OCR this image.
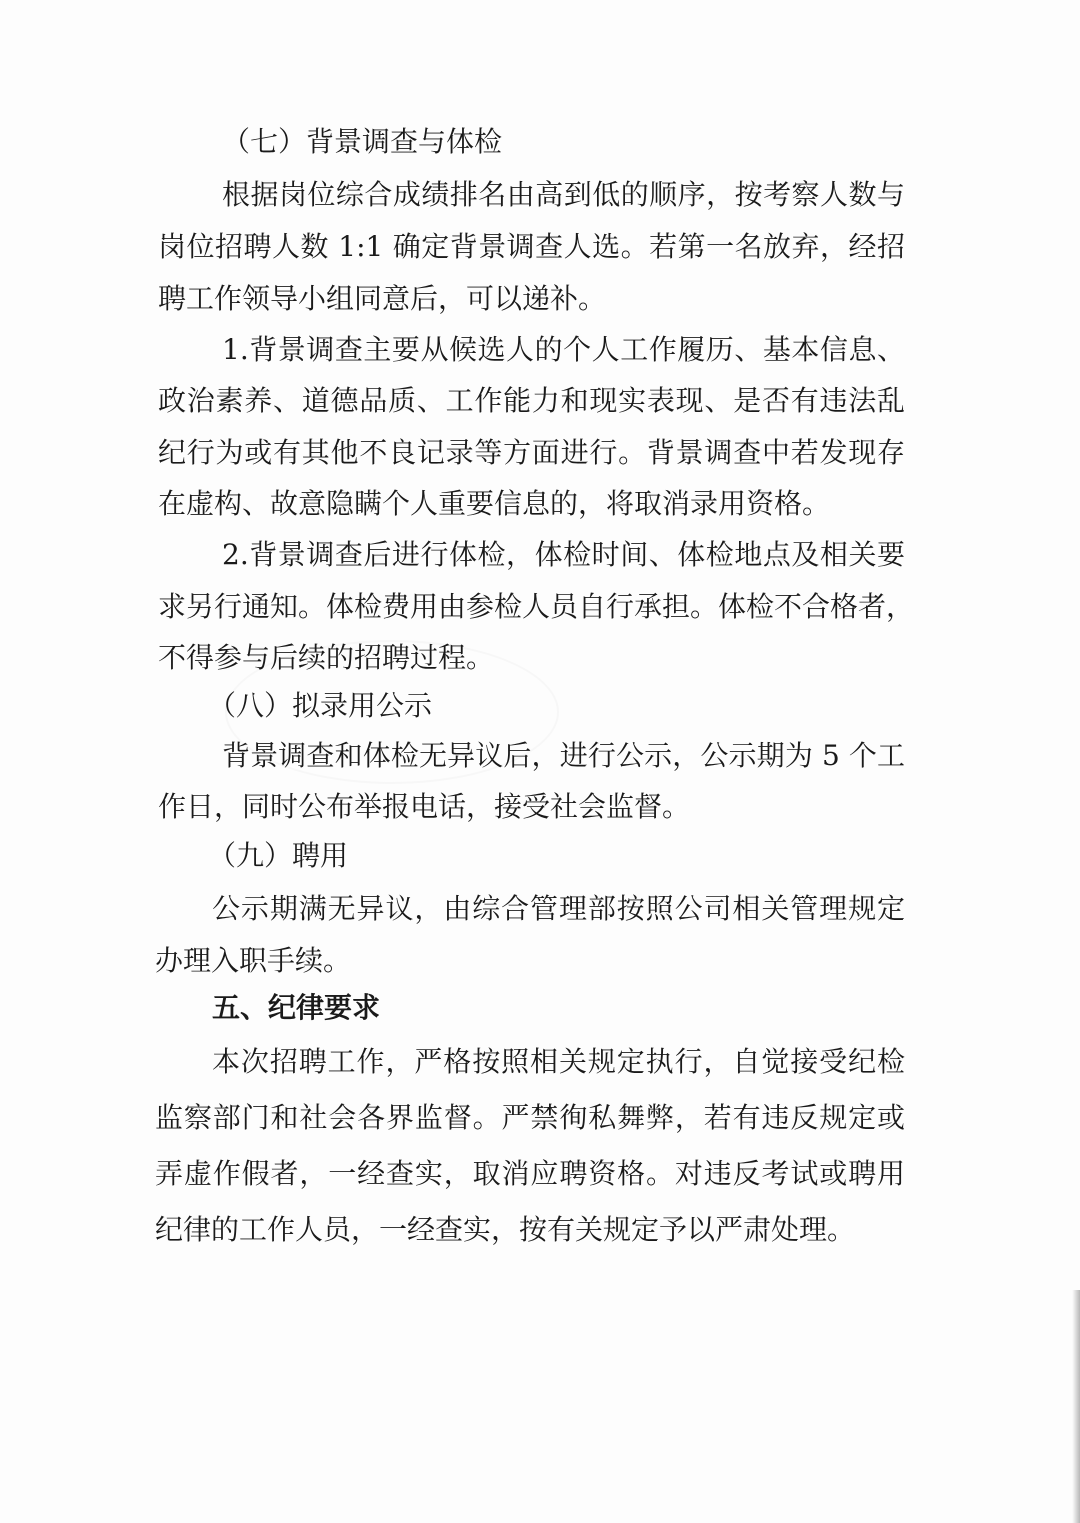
（七）背景调查与体检
根据岗位综合成绩排名由高到低的顺序，按考察人数与
岗位招聘人数 1:1 确定背景调查人选。若第一名放弃，经招
聘工作领导小组同意后，可以递补。
1.背景调查主要从候选人的个人工作履历、基本信息、
政治素养、道德品质、工作能力和现实表现、是否有违法乱
纪行为或有其他不良记录等方面进行。背景调查中若发现存
在虚构、故意隐瞒个人重要信息的，将取消录用资格。
2.背景调查后进行体检，体检时间、体检地点及相关要
求另行通知。体检费用由参检人员自行承担。体检不合格者，
不得参与后续的招聘过程。
（八）拟录用公示
背景调查和体检无异议后，进行公示，公示期为 5 个工
作日，同时公布举报电话，接受社会监督。
（九）聘用
公示期满无异议，由综合管理部按照公司相关管理规定
办理入职手续。
五、纪律要求
本次招聘工作，严格按照相关规定执行，自觉接受纪检
监察部门和社会各界监督。严禁徇私舞弊，若有违反规定或
弄虚作假者，一经查实，取消应聘资格。对违反考试或聘用
纪律的工作人员，一经查实，按有关规定予以严肃处理。
